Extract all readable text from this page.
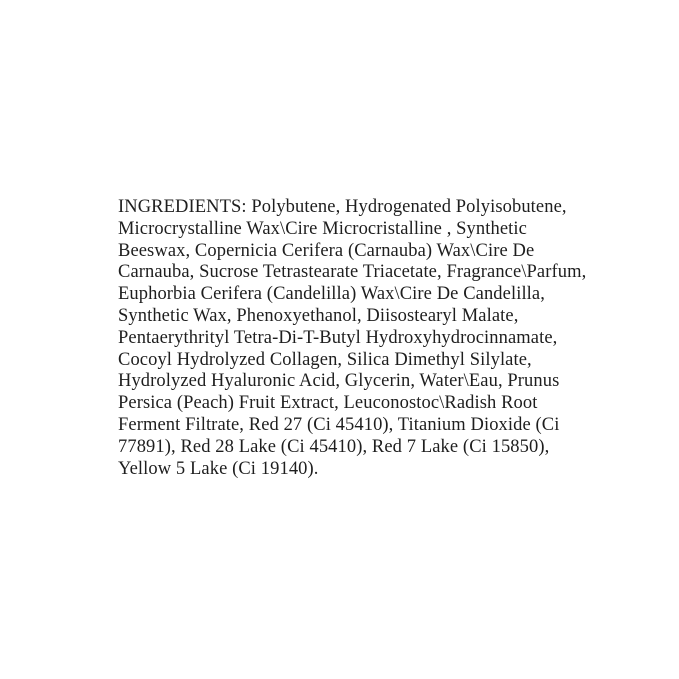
INGREDIENTS: Polybutene, Hydrogenated Polyisobutene,
Microcrystalline Wax\Cire Microcristalline , Synthetic
Beeswax, Copernicia Cerifera (Carnauba) Wax\Cire De
Carnauba, Sucrose Tetrastearate Triacetate, Fragrance\Parfum,
Euphorbia Cerifera (Candelilla) Wax\Cire De Candelilla,
Synthetic Wax, Phenoxyethanol, Diisostearyl Malate,
Pentaerythrityl Tetra-Di-T-Butyl Hydroxyhydrocinnamate,
Cocoyl Hydrolyzed Collagen, Silica Dimethyl Silylate,
Hydrolyzed Hyaluronic Acid, Glycerin, Water\Eau, Prunus
Persica (Peach) Fruit Extract, Leuconostoc\Radish Root
Ferment Filtrate, Red 27 (Ci 45410), Titanium Dioxide (Ci
77891), Red 28 Lake (Ci 45410), Red 7 Lake (Ci 15850),
Yellow 5 Lake (Ci 19140).
